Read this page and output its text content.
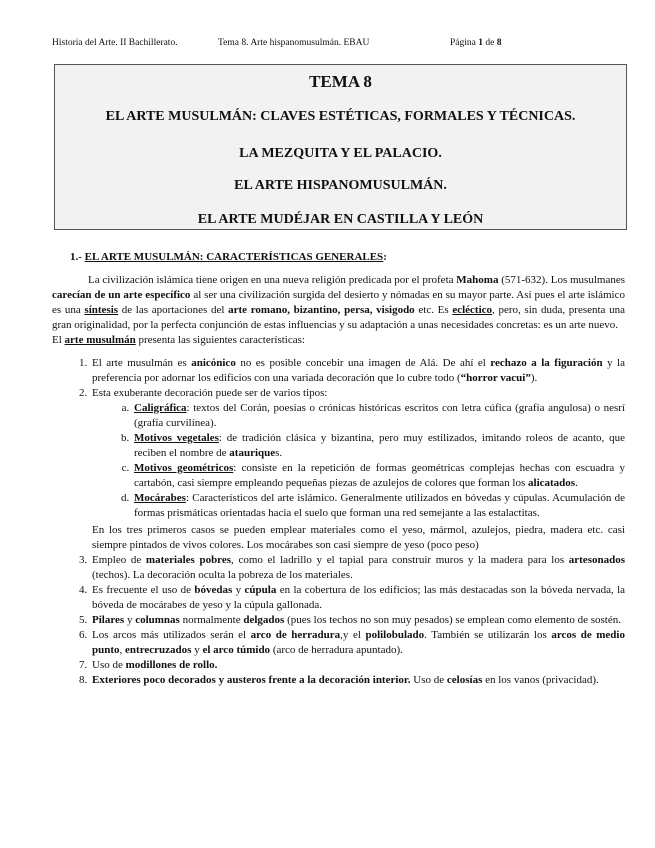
Historia del Arte. II Bachillerato.	Tema 8. Arte hispanomusulmán. EBAU	Página 1 de 8
TEMA 8
EL ARTE MUSULMÁN: CLAVES ESTÉTICAS, FORMALES Y TÉCNICAS.
LA MEZQUITA Y EL PALACIO.
EL ARTE HISPANOMUSULMÁN.
EL ARTE MUDÉJAR EN CASTILLA Y LEÓN
1.- EL ARTE MUSULMÁN: CARACTERÍSTICAS GENERALES:

La civilización islámica tiene origen en una nueva religión predicada por el profeta Mahoma (571-632). Los musulmanes carecían de un arte específico al ser una civilización surgida del desierto y nómadas en su mayor parte. Así pues el arte islámico es una síntesis de las aportaciones del arte romano, bizantino, persa, visigodo etc. Es ecléctico, pero, sin duda, presenta una gran originalidad, por la perfecta conjunción de estas influencias y su adaptación a unas necesidades concretas: es un arte nuevo.

El arte musulmán presenta las siguientes características:

1. El arte musulmán es anicónico no es posible concebir una imagen de Alá. De ahí el rechazo a la figuración y la preferencia por adornar los edificios con una variada decoración que lo cubre todo (“horror vacui”).
2. Esta exuberante decoración puede ser de varios tipos:
a. Caligráfica: textos del Corán, poesías o crónicas históricas escritos con letra cúfica (grafía angulosa) o nesrí (grafía curvilínea).
b. Motivos vegetales: de tradición clásica y bizantina, pero muy estilizados, imitando roleos de acanto, que reciben el nombre de atauriques.
c. Motivos geométricos: consiste en la repetición de formas geométricas complejas hechas con escuadra y cartabón, casi siempre empleando pequeñas piezas de azulejos de colores que forman los alicatados.
d. Mocárabes: Característicos del arte islámico. Generalmente utilizados en bóvedas y cúpulas. Acumulación de formas prismáticas orientadas hacia el suelo que forman una red semejante a las estalactitas.
En los tres primeros casos se pueden emplear materiales como el yeso, mármol, azulejos, piedra, madera etc. casi siempre pintados de vivos colores. Los mocárabes son casi siempre de yeso (poco peso)
3. Empleo de materiales pobres, como el ladrillo y el tapial para construir muros y la madera para los artesonados (techos). La decoración oculta la pobreza de los materiales.
4. Es frecuente el uso de bóvedas y cúpula en la cobertura de los edificios; las más destacadas son la bóveda nervada, la bóveda de mocárabes de yeso y la cúpula gallonada.
5. Pilares y columnas normalmente delgados (pues los techos no son muy pesados) se emplean como elemento de sostén.
6. Los arcos más utilizados serán el arco de herradura,y el polilobulado. También se utilizarán los arcos de medio punto, entrecruzados y el arco túmido (arco de herradura apuntado).
7. Uso de modillones de rollo.
8. Exteriores poco decorados y austeros frente a la decoración interior. Uso de celosías en los vanos (privacidad).
